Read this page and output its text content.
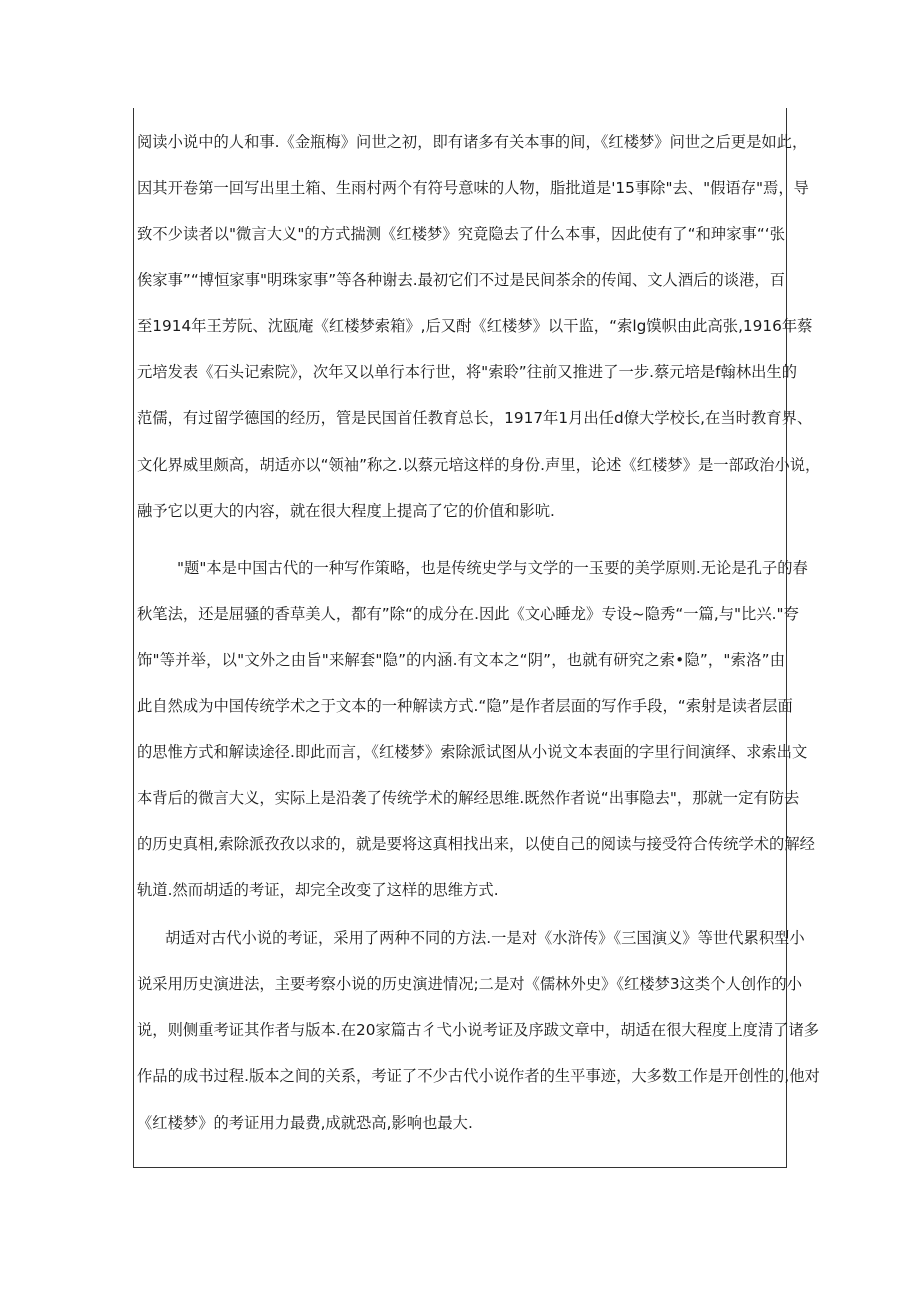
阅读小说中的人和事.《金瓶梅》问世之初，即有诸多有关本事的间，《红楼梦》问世之后更是如此，
因其开卷第一回写出里土箱、生雨村两个有符号意味的人物，脂批道是'15事除"去、"假语存"焉，导
致不少读者以"微言大义"的方式揣测《红楼梦》究竟隐去了什么本事，因此使有了“和珅家事“‘张
俟家事”“博恒家事"明珠家事”等各种谢去.最初它们不过是民间茶余的传闻、文人酒后的谈港，百
至1914年王芳阮、沈瓯庵《红楼梦索箱》,后又酎《红楼梦》以干监，“索lg馍帜由此高张,1916年蔡
元培发表《石头记索院》，次年又以单行本行世，将"索聆”往前又推进了一步.蔡元培是f翰林出生的
范儒，有过留学德国的经历，管是民国首任教育总长，1917年1月出任d僚大学校长,在当时教育界、
文化界威里颇高，胡适亦以“领袖”称之.以蔡元培这样的身份.声里，论述《红楼梦》是一部政治小说，
融予它以更大的内容，就在很大程度上提高了它的价值和影吭.
"题"本是中国古代的一种写作策略，也是传统史学与文学的一玉要的美学原则.无论是孔子的春
秋笔法，还是屈骚的香草美人，都有”除“的成分在.因此《文心睡龙》专设~隐秀“一篇,与"比兴."夸
饰"等并举，以"文外之由旨"来解套"隐”的内涵.有文本之“阴”，也就有研究之索•隐”，"索洛”由
此自然成为中国传统学术之于文本的一种解读方式.“隐”是作者层面的写作手段，“索射是读者层面
的思惟方式和解读途径.即此而言，《红楼梦》索除派试图从小说文本表面的字里行间演绎、求索出文
本背后的微言大义，实际上是沿袭了传统学术的解经思维.既然作者说“出事隐去"，那就一定有防去
的历史真相,索除派孜孜以求的，就是要将这真相找出来，以使自己的阅读与接受符合传统学术的解经
轨道.然而胡适的考证，却完全改变了这样的思维方式.
胡适对古代小说的考证，采用了两种不同的方法.一是对《水浒传》《三国演义》等世代累积型小
说采用历史演进法，主要考察小说的历史演进情况;二是对《儒林外史》《红楼梦3这类个人创作的小
说，则侧重考证其作者与版本.在20家篇古彳弋小说考证及序跋文章中，胡适在很大程度上度清了诸多
作品的成书过程.版本之间的关系，考证了不少古代小说作者的生平事迹，大多数工作是开创性的,他对
《红楼梦》的考证用力最费,成就恐高,影响也最大.
